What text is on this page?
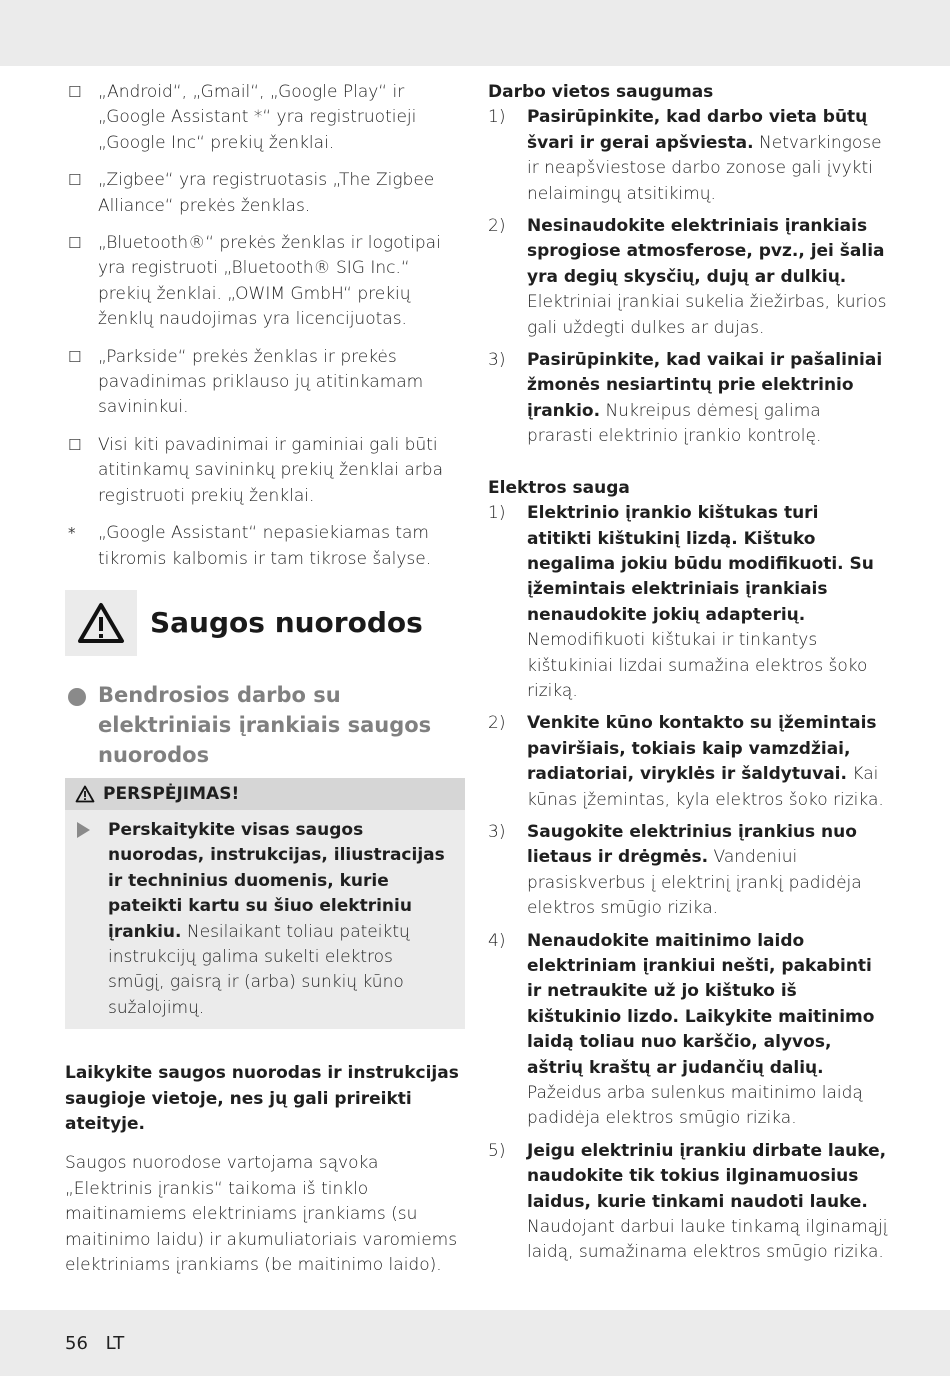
☐ „Android“, „Gmail“, „Google Play“ ir „Google Assistant *“ yra registruotieji „Google Inc“ prekių ženklai.
☐ „Zigbee“ yra registruotasis „The Zigbee Alliance“ prekės ženklas.
☐ „Bluetooth®“ prekės ženklas ir logotipai yra registruoti „Bluetooth® SIG Inc.“ prekių ženklai. „OWIM GmbH“ prekių ženklų naudojimas yra licencijuotas.
☐ „Parkside“ prekės ženklas ir prekės pavadinimas priklauso jų atitinkamam savininkui.
☐ Visi kiti pavadinimai ir gaminiai gali būti atitinkamų savininkų prekių ženklai arba registruoti prekių ženklai.
* „Google Assistant“ nepasiekiamas tam tikromis kalbomis ir tam tikrose šalyse.
Saugos nuorodos
Bendrosios darbo su elektriniais įrankiais saugos nuorodos
PERSPĖJIMAS!
Perskaitykite visas saugos nuorodas, instrukcijas, iliustracijas ir techninius duomenis, kurie pateikti kartu su šiuo elektriniu įrankiu. Nesilaikant toliau pateiktų instrukcijų galima sukelti elektros smūgį, gaisrą ir (arba) sunkių kūno sužalojimų.
Laikykite saugos nuorodas ir instrukcijas saugioje vietoje, nes jų gali prireikti ateityje.
Saugos nuorodose vartojama sąvoka „Elektrinis įrankis“ taikoma iš tinklo maitinamiems elektriniams įrankiams (su maitinimo laidu) ir akumuliatoriais varomiems elektriniams įrankiams (be maitinimo laido).
Darbo vietos saugumas
1) Pasirūpinkite, kad darbo vieta būtų švari ir gerai apšviesta. Netvarkingose ir neapšviestose darbo zonose gali įvykti nelaimingų atsitikimų.
2) Nesinaudokite elektriniais įrankiais sprogiose atmosferose, pvz., jei šalia yra degių skysčių, dujų ar dulkių. Elektriniai įrankiai sukelia žiežirbas, kurios gali uždegti dulkes ar dujas.
3) Pasirūpinkite, kad vaikai ir pašaliniai žmonės nesiartintų prie elektrinio įrankio. Nukreipus dėmesį galima prarasti elektrinio įrankio kontrolę.
Elektros sauga
1) Elektrinio įrankio kištukas turi atitikti kištukinį lizdą. Kištuko negalima jokiu būdu modifikuoti. Su įžemintais elektriniais įrankiais nenaudokite jokių adapterių. Nemodifikuoti kištukai ir tinkantys kištukiniai lizdai sumažina elektros šoko riziką.
2) Venkite kūno kontakto su įžemintais paviršiais, tokiais kaip vamzdžiai, radiatoriai, viryklės ir šaldytuvai. Kai kūnas įžemintas, kyla elektros šoko rizika.
3) Saugokite elektrinius įrankius nuo lietaus ir drėgmės. Vandeniui prasiskverbus į elektrinį įrankį padidėja elektros smūgio rizika.
4) Nenaudokite maitinimo laido elektriniam įrankiui nešti, pakabinti ir netraukite už jo kištuko iš kištukinio lizdo. Laikykite maitinimo laidą toliau nuo karščio, alyvos, aštrių kraštų ar judančių dalių. Pažeidus arba sulenkus maitinimo laidą padidėja elektros smūgio rizika.
5) Jeigu elektriniu įrankiu dirbate lauke, naudokite tik tokius ilginamuosius laidus, kurie tinkami naudoti lauke. Naudojant darbui lauke tinkamą ilginamąjį laidą, sumažinama elektros smūgio rizika.
56 LT
